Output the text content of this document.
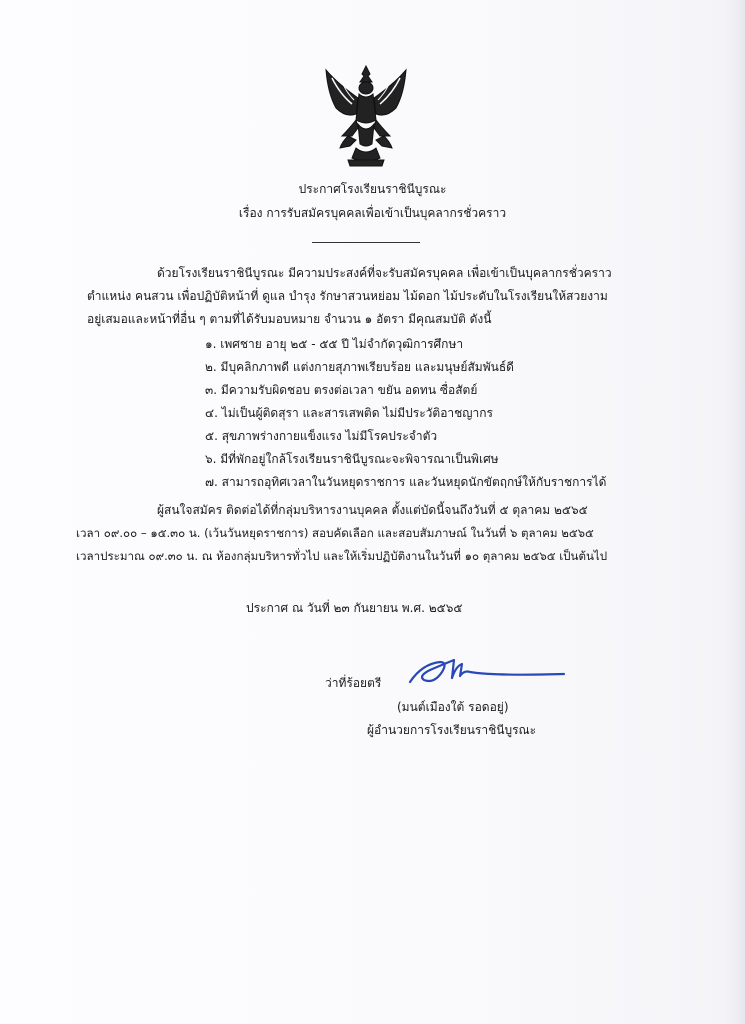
ประกาศโรงเรียนราชินีบูรณะ
เรื่อง การรับสมัครบุคคลเพื่อเข้าเป็นบุคลากรชั่วคราว
ด้วยโรงเรียนราชินีบูรณะ มีความประสงค์ที่จะรับสมัครบุคคล เพื่อเข้าเป็นบุคลากรชั่วคราว
ตำแหน่ง คนสวน เพื่อปฏิบัติหน้าที่ ดูแล บำรุง รักษาสวนหย่อม ไม้ดอก ไม้ประดับในโรงเรียนให้สวยงาม
อยู่เสมอและหน้าที่อื่น ๆ ตามที่ได้รับมอบหมาย จำนวน ๑ อัตรา มีคุณสมบัติ ดังนี้
๑. เพศชาย อายุ ๒๕ - ๕๕ ปี ไม่จำกัดวุฒิการศึกษา
๒. มีบุคลิกภาพดี แต่งกายสุภาพเรียบร้อย และมนุษย์สัมพันธ์ดี
๓. มีความรับผิดชอบ ตรงต่อเวลา ขยัน อดทน ซื่อสัตย์
๔. ไม่เป็นผู้ติดสุรา และสารเสพติด ไม่มีประวัติอาชญากร
๕. สุขภาพร่างกายแข็งแรง ไม่มีโรคประจำตัว
๖. มีที่พักอยู่ใกล้โรงเรียนราชินีบูรณะจะพิจารณาเป็นพิเศษ
๗. สามารถอุทิศเวลาในวันหยุดราชการ และวันหยุดนักขัตฤกษ์ให้กับราชการได้
ผู้สนใจสมัคร ติดต่อได้ที่กลุ่มบริหารงานบุคคล ตั้งแต่บัดนี้จนถึงวันที่ ๕ ตุลาคม ๒๕๖๕
เวลา ๐๙.๐๐ – ๑๕.๓๐ น. (เว้นวันหยุดราชการ) สอบคัดเลือก และสอบสัมภาษณ์ ในวันที่ ๖ ตุลาคม ๒๕๖๕
เวลาประมาณ ๐๙.๓๐ น. ณ ห้องกลุ่มบริหารทั่วไป และให้เริ่มปฏิบัติงานในวันที่ ๑๐ ตุลาคม ๒๕๖๕ เป็นต้นไป
ประกาศ ณ วันที่ ๒๓ กันยายน พ.ศ. ๒๕๖๕
ว่าที่ร้อยตรี
(มนต์เมืองใต้ รอดอยู่)
ผู้อำนวยการโรงเรียนราชินีบูรณะ
